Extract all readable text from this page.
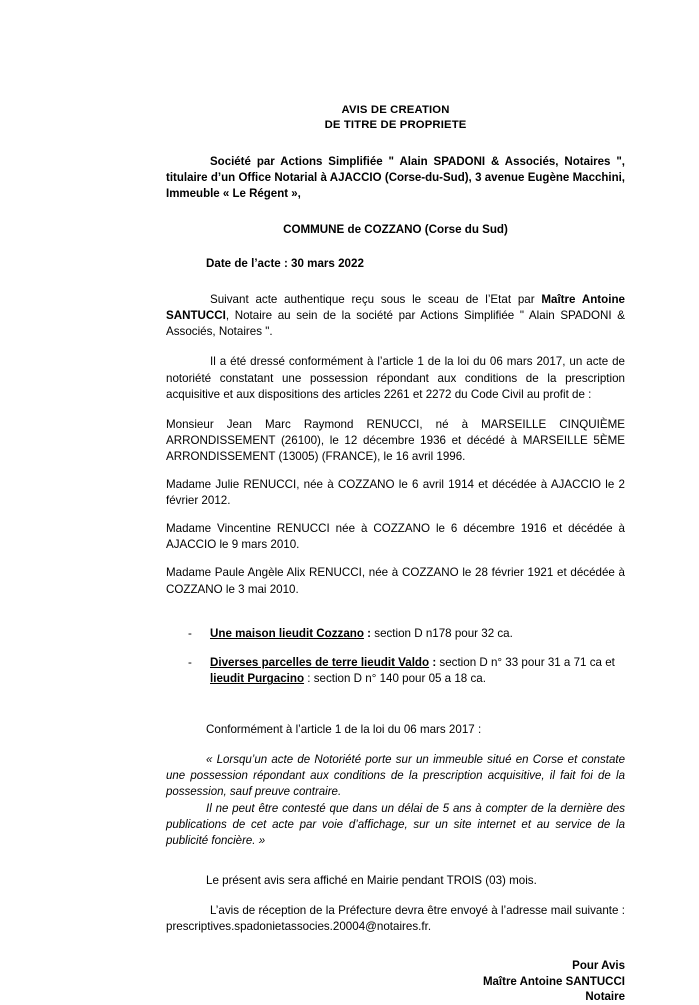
AVIS DE CREATION
DE TITRE DE PROPRIETE
Société par Actions Simplifiée " Alain SPADONI & Associés, Notaires ", titulaire d’un Office Notarial à AJACCIO (Corse-du-Sud), 3 avenue Eugène Macchini, Immeuble « Le Régent »,
COMMUNE de COZZANO (Corse du Sud)
Date de l’acte : 30 mars 2022
Suivant acte authentique reçu sous le sceau de l’Etat par Maître Antoine SANTUCCI, Notaire au sein de la société par Actions Simplifiée " Alain SPADONI & Associés, Notaires ".
Il a été dressé conformément à l’article 1 de la loi du 06 mars 2017, un acte de notoriété constatant une possession répondant aux conditions de la prescription acquisitive et aux dispositions des articles 2261 et 2272 du Code Civil au profit de :
Monsieur Jean Marc Raymond RENUCCI, né à MARSEILLE CINQUIÈME ARRONDISSEMENT (26100), le 12 décembre 1936 et décédé à MARSEILLE 5ÈME ARRONDISSEMENT (13005) (FRANCE), le 16 avril 1996.
Madame Julie RENUCCI, née à COZZANO le 6 avril 1914 et décédée à AJACCIO le 2 février 2012.
Madame Vincentine RENUCCI née à COZZANO le 6 décembre 1916 et décédée à AJACCIO le 9 mars 2010.
Madame Paule Angèle Alix RENUCCI, née à COZZANO le 28 février 1921 et décédée à COZZANO le 3 mai 2010.
-	Une maison lieudit Cozzano : section D n178 pour 32 ca.
-	Diverses parcelles de terre lieudit Valdo : section D n° 33 pour 31 a 71 ca et lieudit Purgacino : section D n° 140 pour 05 a 18 ca.
Conformément à l’article 1 de la loi du 06 mars 2017 :
« Lorsqu’un acte de Notoriété porte sur un immeuble situé en Corse et constate une possession répondant aux conditions de la prescription acquisitive, il fait foi de la possession, sauf preuve contraire.
Il ne peut être contesté que dans un délai de 5 ans à compter de la dernière des publications de cet acte par voie d’affichage, sur un site internet et au service de la publicité foncière. »
Le présent avis sera affiché en Mairie pendant TROIS (03) mois.
L’avis de réception de la Préfecture devra être envoyé à l’adresse mail suivante : prescriptives.spadonietassocies.20004@notaires.fr.
Pour Avis
Maître Antoine SANTUCCI
Notaire
